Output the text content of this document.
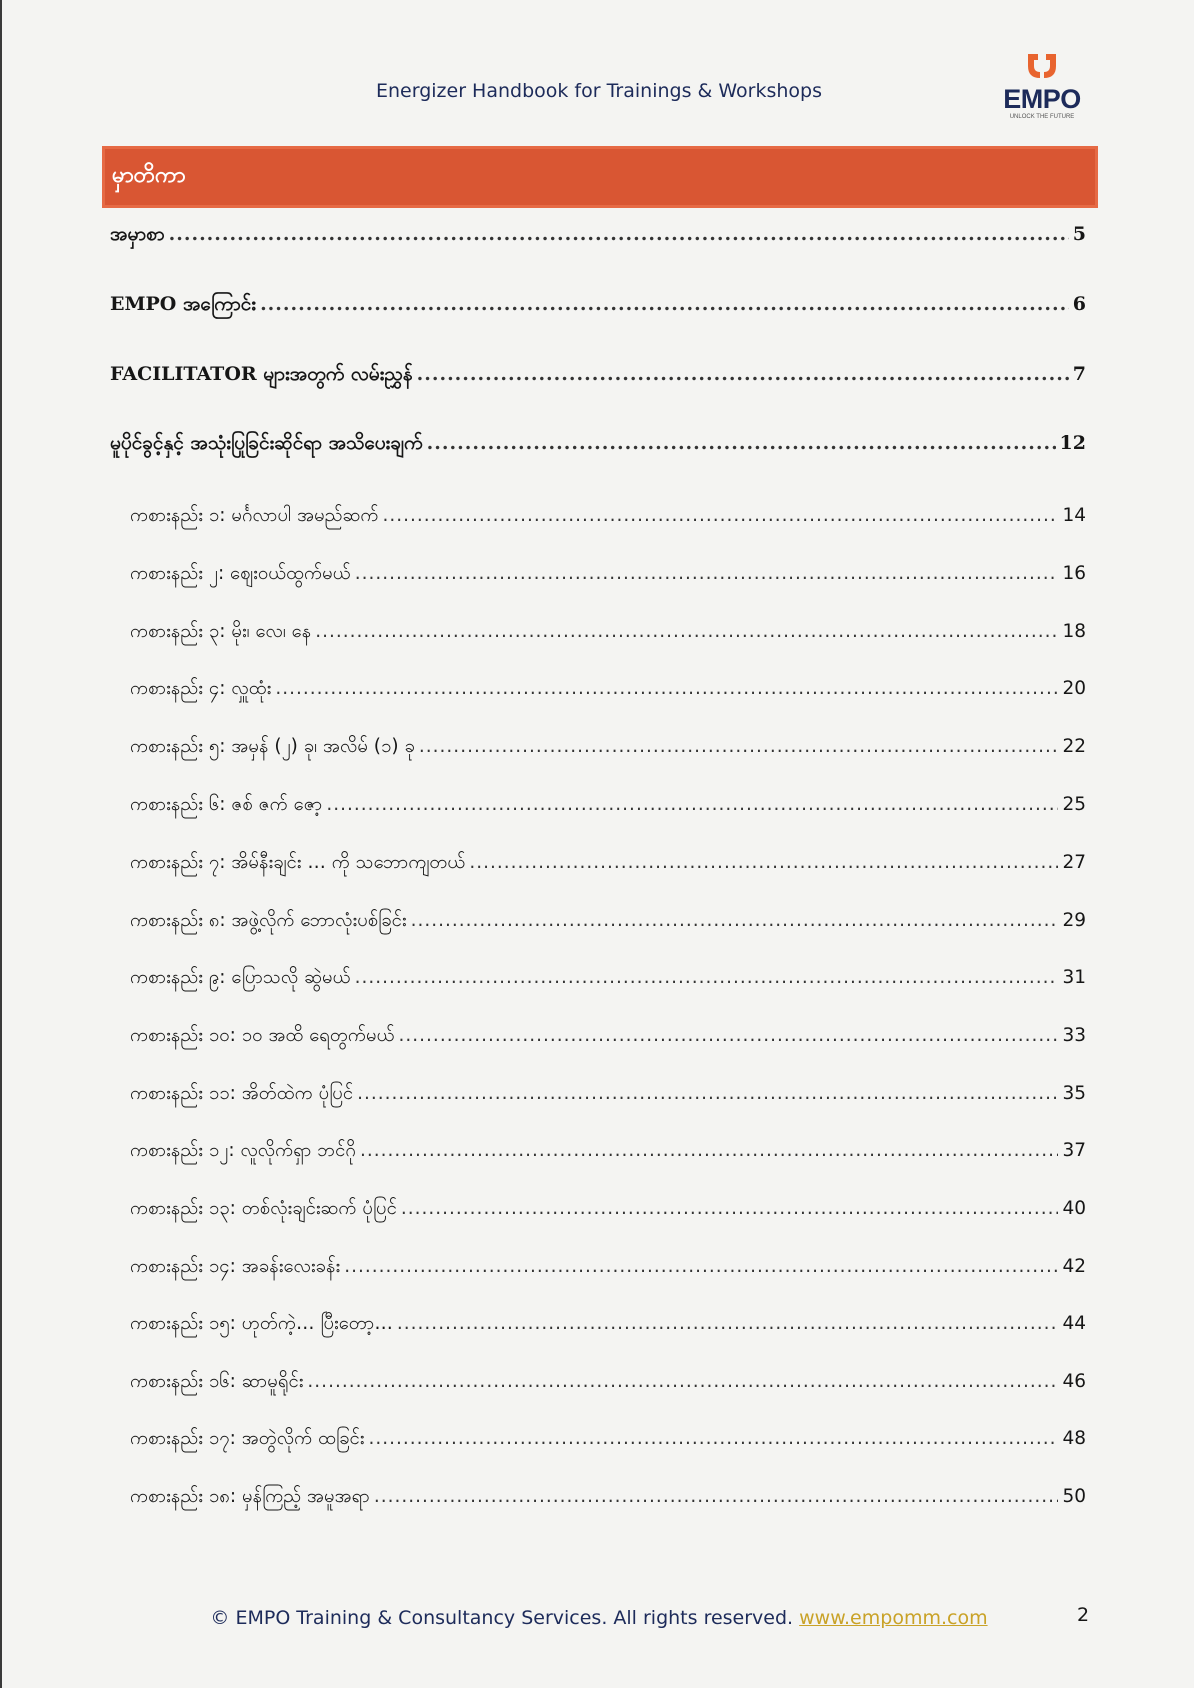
Energizer Handbook for Trainings & Workshops	EMPO
UNLOCK THE FUTURE
မှာတိကာ
အမှာစာ .....	5
EMPO အကြောင်း .....	6
FACILITATOR များအတွက် လမ်းညွှန် .....	7
မူပိုင်ခွင့်နှင့် အသုံးပြုခြင်းဆိုင်ရာ အသိပေးချက် .....	12
ကစားနည်း ၁: မင်္ဂလာပါ အမည်ဆက် .....	14
ကစားနည်း ၂: ဈေးဝယ်ထွက်မယ် .....	16
ကစားနည်း ၃: မိုး၊ လေ၊ နေ .....	18
ကစားနည်း ၄: လှူထုံး .....	20
ကစားနည်း ၅: အမှန် (၂) ခု၊ အလိမ် (၁) ခု .....	22
ကစားနည်း ၆: ဇစ် ဇက် ဇော့ .....	25
ကစားနည်း ၇: အိမ်နီးချင်း … ကို သဘောကျတယ် .....	27
ကစားနည်း ၈: အဖွဲ့လိုက် ဘောလုံးပစ်ခြင်း .....	29
ကစားနည်း ၉: ပြောသလို ဆွဲမယ် .....	31
ကစားနည်း ၁၀: ၁၀ အထိ ရေတွက်မယ် .....	33
ကစားနည်း ၁၁: အိတ်ထဲက ပုံပြင် .....	35
ကစားနည်း ၁၂: လူလိုက်ရှာ ဘင်ဂို .....	37
ကစားနည်း ၁၃: တစ်လုံးချင်းဆက် ပုံပြင် .....	40
ကစားနည်း ၁၄: အခန်းလေးခန်း .....	42
ကစားနည်း ၁၅: ဟုတ်ကဲ့… ပြီးတော့… .....	44
ကစားနည်း ၁၆: ဆာမူရိုင်း .....	46
ကစားနည်း ၁၇: အတွဲလိုက် ထခြင်း .....	48
ကစားနည်း ၁၈: မှန်ကြည့် အမူအရာ .....	50
© EMPO Training & Consultancy Services. All rights reserved. www.empomm.com	2
